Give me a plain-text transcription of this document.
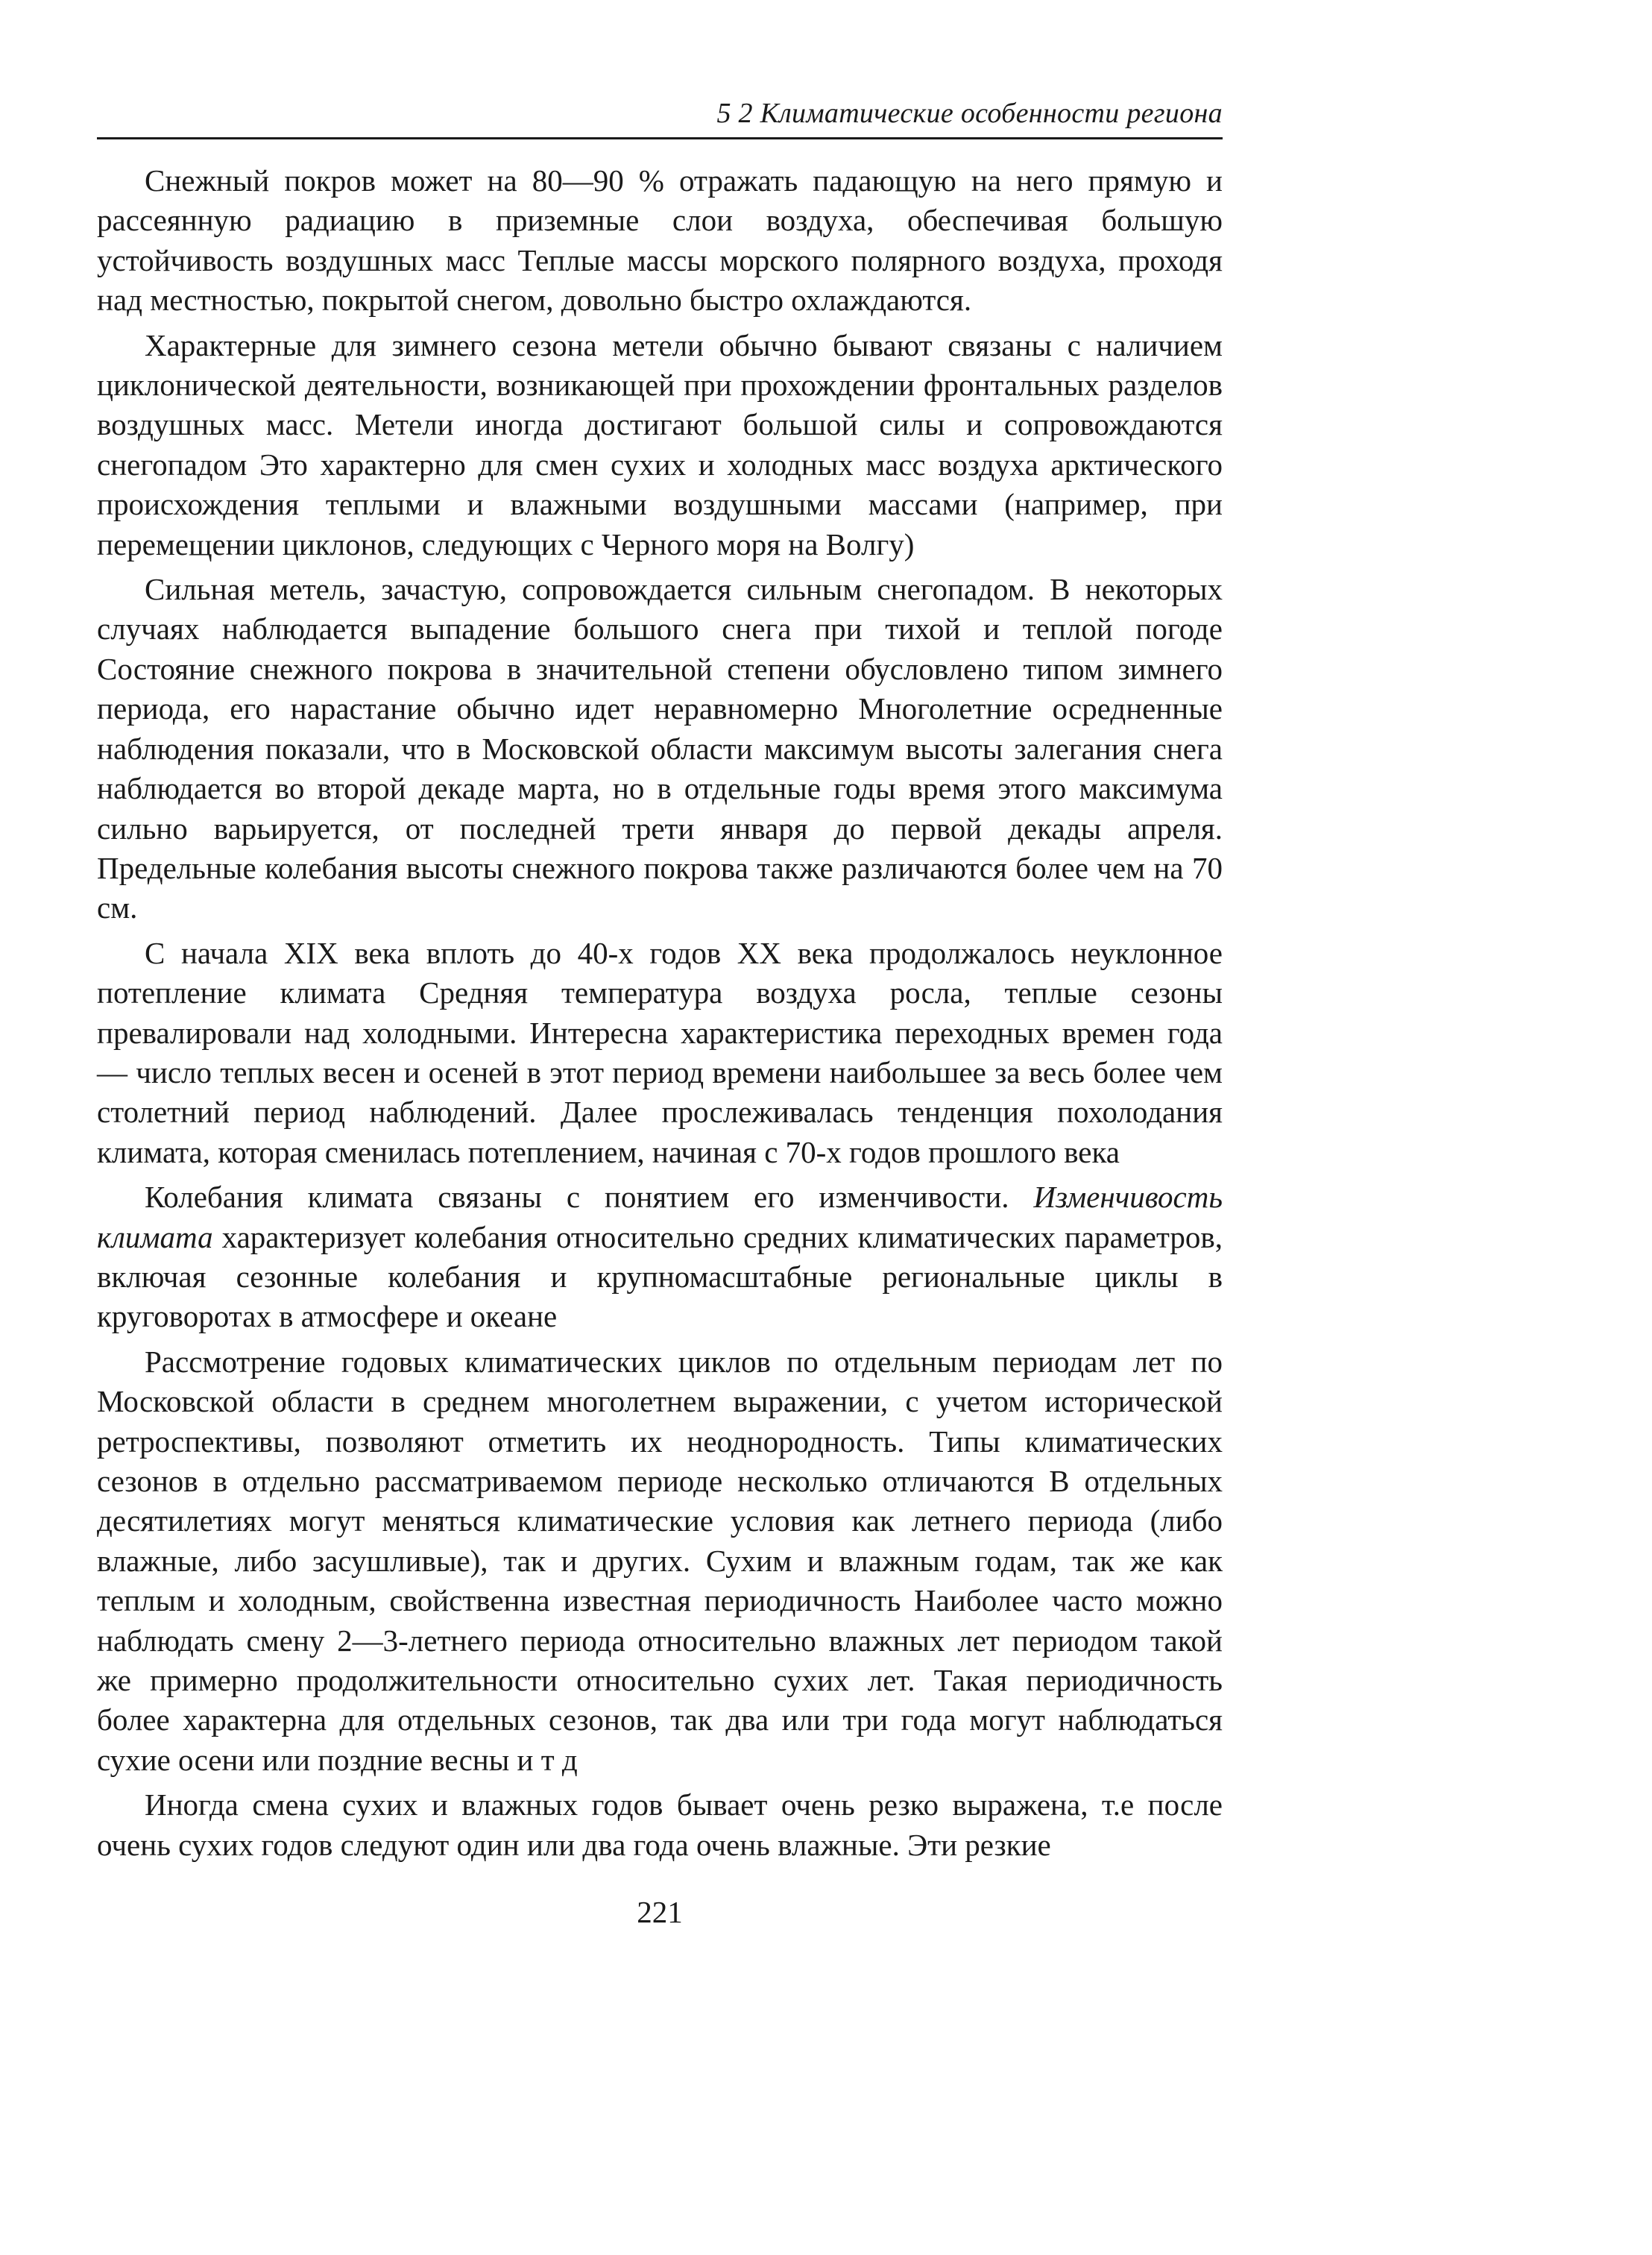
5 2 Климатические особенности региона

Снежный покров может на 80—90 % отражать падающую на него прямую и рассеянную радиацию в приземные слои воздуха, обеспечивая большую устойчивость воздушных масс Теплые массы морского полярного воздуха, проходя над местностью, покрытой снегом, довольно быстро охлаждаются.

Характерные для зимнего сезона метели обычно бывают связаны с наличием циклонической деятельности, возникающей при прохождении фронтальных разделов воздушных масс. Метели иногда достигают большой силы и сопровождаются снегопадом Это характерно для смен сухих и холодных масс воздуха арктического происхождения теплыми и влажными воздушными массами (например, при перемещении циклонов, следующих с Черного моря на Волгу)

Сильная метель, зачастую, сопровождается сильным снегопадом. В некоторых случаях наблюдается выпадение большого снега при тихой и теплой погоде Состояние снежного покрова в значительной степени обусловлено типом зимнего периода, его нарастание обычно идет неравномерно Многолетние осредненные наблюдения показали, что в Московской области максимум высоты залегания снега наблюдается во второй декаде марта, но в отдельные годы время этого максимума сильно варьируется, от последней трети января до первой декады апреля. Предельные колебания высоты снежного покрова также различаются более чем на 70 см.

С начала XIX века вплоть до 40-х годов XX века продолжалось неуклонное потепление климата Средняя температура воздуха росла, теплые сезоны превалировали над холодными. Интересна характеристика переходных времен года — число теплых весен и осеней в этот период времени наибольшее за весь более чем столетний период наблюдений. Далее прослеживалась тенденция похолодания климата, которая сменилась потеплением, начиная с 70-х годов прошлого века

Колебания климата связаны с понятием его изменчивости. Изменчивость климата характеризует колебания относительно средних климатических параметров, включая сезонные колебания и крупномасштабные региональные циклы в круговоротах в атмосфере и океане

Рассмотрение годовых климатических циклов по отдельным периодам лет по Московской области в среднем многолетнем выражении, с учетом исторической ретроспективы, позволяют отметить их неоднородность. Типы климатических сезонов в отдельно рассматриваемом периоде несколько отличаются В отдельных десятилетиях могут меняться климатические условия как летнего периода (либо влажные, либо засушливые), так и других. Сухим и влажным годам, так же как теплым и холодным, свойственна известная периодичность Наиболее часто можно наблюдать смену 2—3-летнего периода относительно влажных лет периодом такой же примерно продолжительности относительно сухих лет. Такая периодичность более характерна для отдельных сезонов, так два или три года могут наблюдаться сухие осени или поздние весны и т д

Иногда смена сухих и влажных годов бывает очень резко выражена, т.е после очень сухих годов следуют один или два года очень влажные. Эти резкие

221
